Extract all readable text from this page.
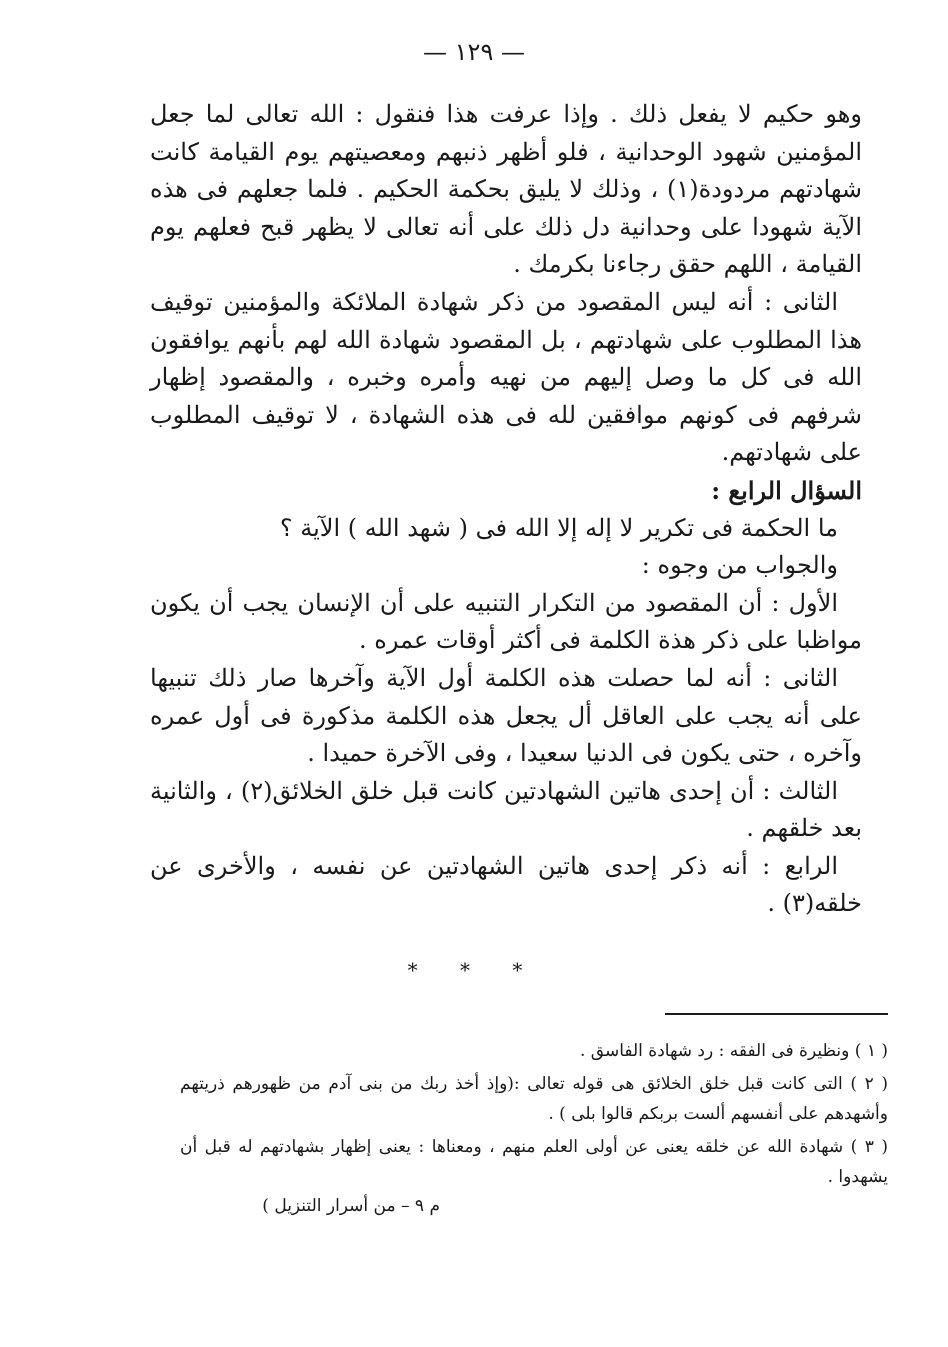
— ١٢٩ —

وهو حكيم لا يفعل ذلك . وإذا عرفت هذا فنقول : الله تعالى لما جعل المؤمنين شهود الوحدانية ، فلو أظهر ذنبهم ومعصيتهم يوم القيامة كانت شهادتهم مردودة(١) ، وذلك لا يليق بحكمة الحكيم . فلما جعلهم فى هذه الآية شهودا على وحدانية دل ذلك على أنه تعالى لا يظهر قبح فعلهم يوم القيامة ، اللهم حقق رجاءنا بكرمك .

الثانى : أنه ليس المقصود من ذكر شهادة الملائكة والمؤمنين توقيف هذا المطلوب على شهادتهم ، بل المقصود شهادة الله لهم بأنهم يوافقون الله فى كل ما وصل إليهم من نهيه وأمره وخبره ، والمقصود إظهار شرفهم فى كونهم موافقين لله فى هذه الشهادة ، لا توقيف المطلوب على شهادتهم.

السؤال الرابع :

ما الحكمة فى تكرير لا إله إلا الله فى ( شهد الله ) الآية ؟

والجواب من وجوه :

الأول : أن المقصود من التكرار التنبيه على أن الإنسان يجب أن يكون مواظبا على ذكر هذة الكلمة فى أكثر أوقات عمره .

الثانى : أنه لما حصلت هذه الكلمة أول الآية وآخرها صار ذلك تنبيها على أنه يجب على العاقل أل يجعل هذه الكلمة مذكورة فى أول عمره وآخره ، حتى يكون فى الدنيا سعيدا ، وفى الآخرة حميدا .

الثالث : أن إحدى هاتين الشهادتين كانت قبل خلق الخلائق(٢) ، والثانية بعد خلقهم .

الرابع : أنه ذكر إحدى هاتين الشهادتين عن نفسه ، والأخرى عن خلقه(٣) .

* * *

( ١ ) ونظيرة فى الفقه : رد شهادة الفاسق .

( ٢ ) التى كانت قبل خلق الخلائق هى قوله تعالى :(وإذ أخذ ربك من بنى آدم من ظهورهم ذريتهم وأشهدهم على أنفسهم ألست بربكم قالوا بلى ) .

( ٣ ) شهادة الله عن خلقه يعنى عن أولى العلم منهم ، ومعناها : يعنى إظهار بشهادتهم له قبل أن يشهدوا .

م ٩ – من أسرار التنزيل )
